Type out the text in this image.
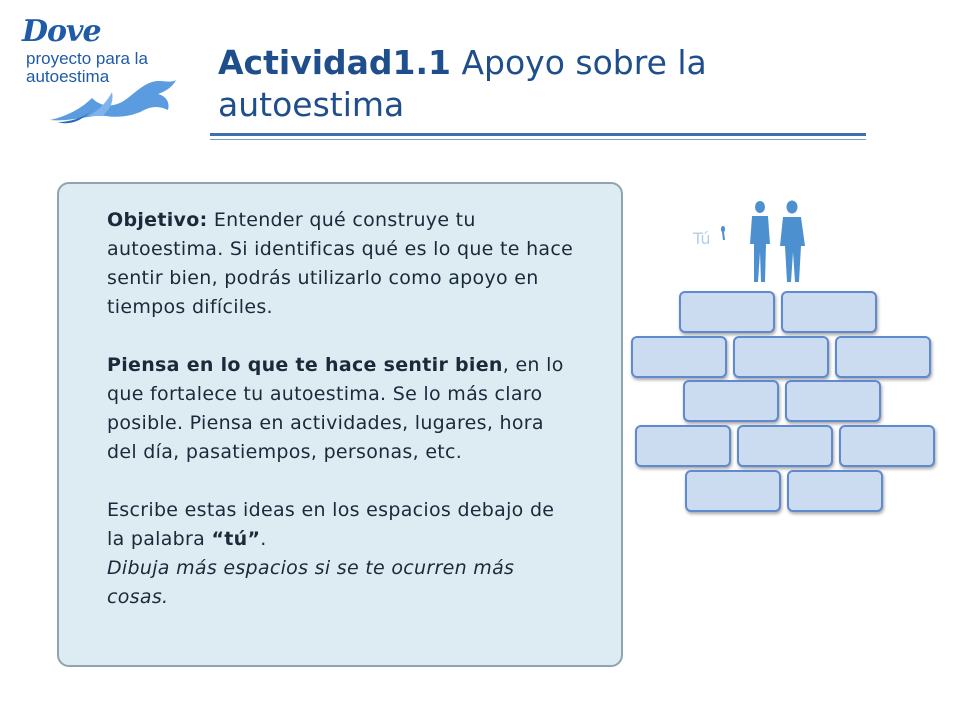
Dove
proyecto para la
autoestima	Actividad1.1 Apoyo sobre la autoestima

Objetivo: Entender qué construye tu autoestima. Si identificas qué es lo que te hace sentir bien, podrás utilizarlo como apoyo en tiempos difíciles.

Piensa en lo que te hace sentir bien, en lo que fortalece tu autoestima. Se lo más claro posible. Piensa en actividades, lugares, hora del día, pasatiempos, personas, etc.

Escribe estas ideas en los espacios debajo de la palabra “tú”.

Dibuja más espacios si se te ocurren más cosas.

Tú
